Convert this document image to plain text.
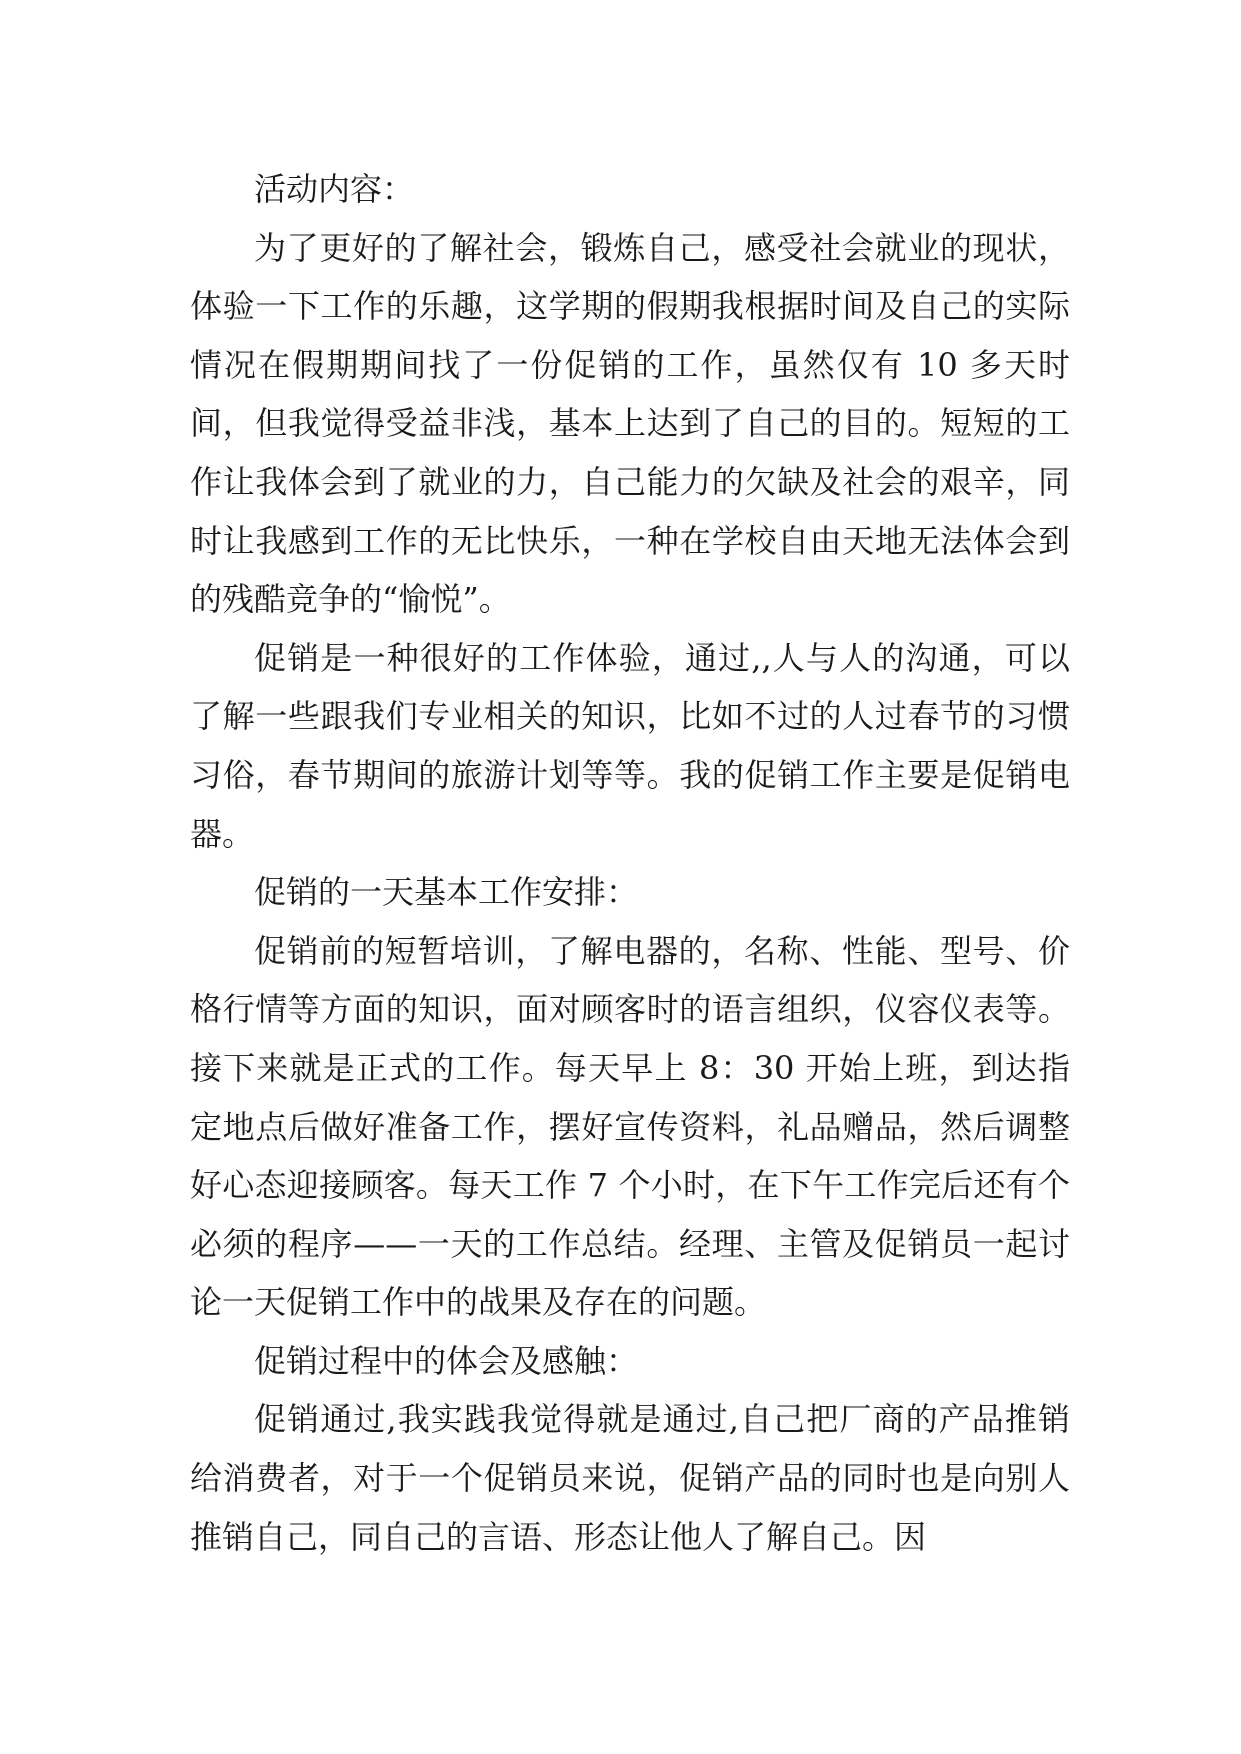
活动内容：

为了更好的了解社会，锻炼自己，感受社会就业的现状，体验一下工作的乐趣，这学期的假期我根据时间及自己的实际情况在假期期间找了一份促销的工作，虽然仅有 10 多天时间，但我觉得受益非浅，基本上达到了自己的目的。短短的工作让我体会到了就业的力，自己能力的欠缺及社会的艰辛，同时让我感到工作的无比快乐，一种在学校自由天地无法体会到的残酷竞争的“愉悦”。

促销是一种很好的工作体验，通过,,人与人的沟通，可以了解一些跟我们专业相关的知识，比如不过的人过春节的习惯习俗，春节期间的旅游计划等等。我的促销工作主要是促销电器。

促销的一天基本工作安排：

促销前的短暂培训，了解电器的，名称、性能、型号、价格行情等方面的知识，面对顾客时的语言组织，仪容仪表等。接下来就是正式的工作。每天早上 8：30 开始上班，到达指定地点后做好准备工作，摆好宣传资料，礼品赠品，然后调整好心态迎接顾客。每天工作 7 个小时，在下午工作完后还有个必须的程序——一天的工作总结。经理、主管及促销员一起讨论一天促销工作中的战果及存在的问题。

促销过程中的体会及感触：

促销通过,我实践我觉得就是通过,自己把厂商的产品推销给消费者，对于一个促销员来说，促销产品的同时也是向别人推销自己，同自己的言语、形态让他人了解自己。因
